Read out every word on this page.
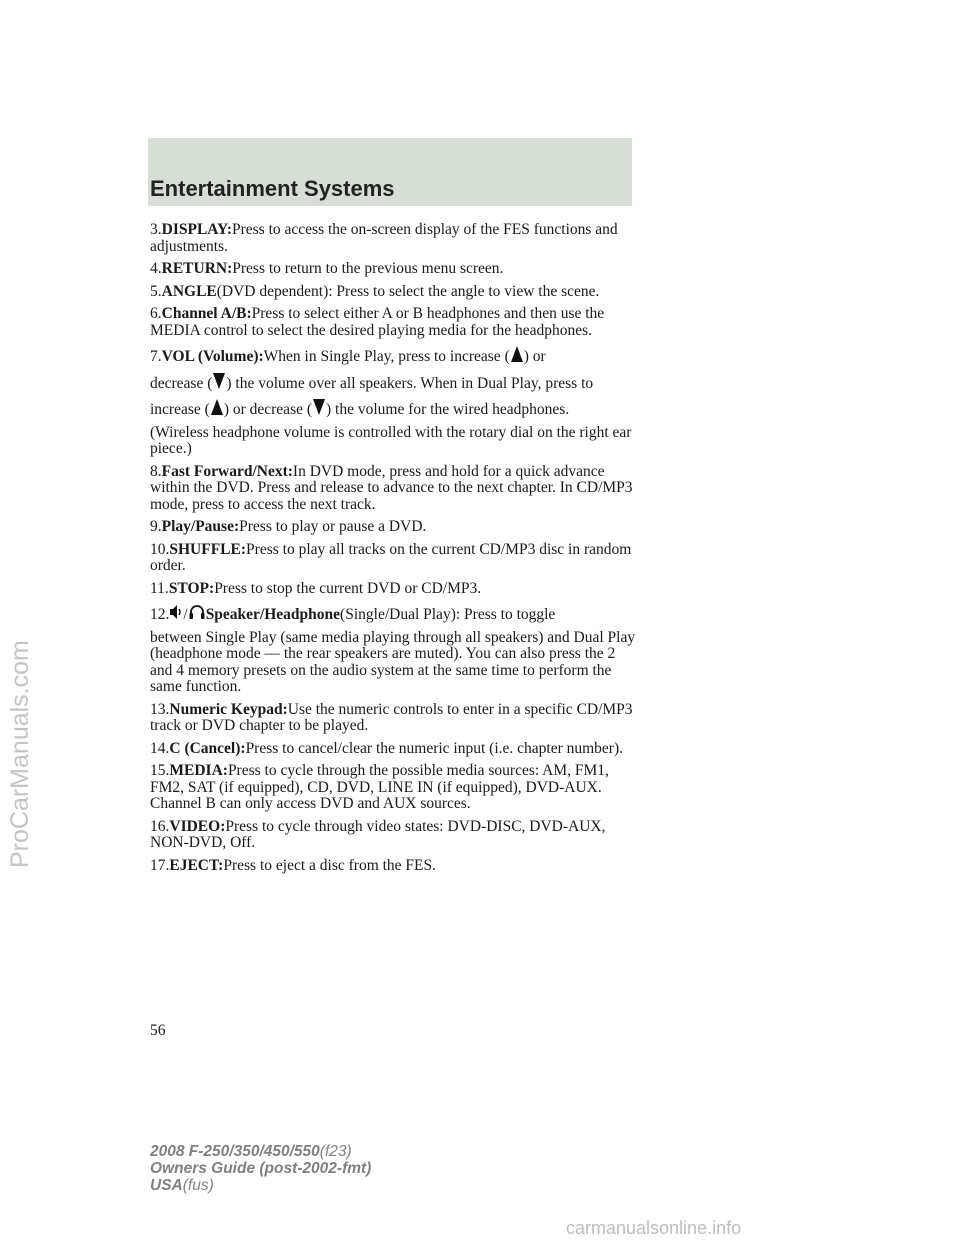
Entertainment Systems

3.DISPLAY:Press to access the on-screen display of the FES functions and adjustments.

4.RETURN:Press to return to the previous menu screen.

5.ANGLE(DVD dependent): Press to select the angle to view the scene.

6.Channel A/B:Press to select either A or B headphones and then use the MEDIA control to select the desired playing media for the headphones.

7.VOL (Volume):When in Single Play, press to increase ( ) or
decrease ( ) the volume over all speakers. When in Dual Play, press to
increase ( ) or decrease ( ) the volume for the wired headphones.

(Wireless headphone volume is controlled with the rotary dial on the right ear piece.)

8.Fast Forward/Next:In DVD mode, press and hold for a quick advance within the DVD. Press and release to advance to the next chapter. In CD/MP3 mode, press to access the next track.

9.Play/Pause:Press to play or pause a DVD.

10.SHUFFLE:Press to play all tracks on the current CD/MP3 disc in random order.

11.STOP:Press to stop the current DVD or CD/MP3.

12. / Speaker/Headphone(Single/Dual Play): Press to toggle
between Single Play (same media playing through all speakers) and Dual Play (headphone mode — the rear speakers are muted). You can also press the 2 and 4 memory presets on the audio system at the same time to perform the same function.

13.Numeric Keypad:Use the numeric controls to enter in a specific CD/MP3 track or DVD chapter to be played.

14.C (Cancel):Press to cancel/clear the numeric input (i.e. chapter number).

15.MEDIA:Press to cycle through the possible media sources: AM, FM1, FM2, SAT (if equipped), CD, DVD, LINE IN (if equipped), DVD-AUX.
Channel B can only access DVD and AUX sources.

16.VIDEO:Press to cycle through video states: DVD-DISC, DVD-AUX, NON-DVD, Off.

17.EJECT:Press to eject a disc from the FES.

56

2008 F-250/350/450/550(f23)
Owners Guide (post-2002-fmt)
USA(fus)
ProCarManuals.com
carmanualsonline.info
